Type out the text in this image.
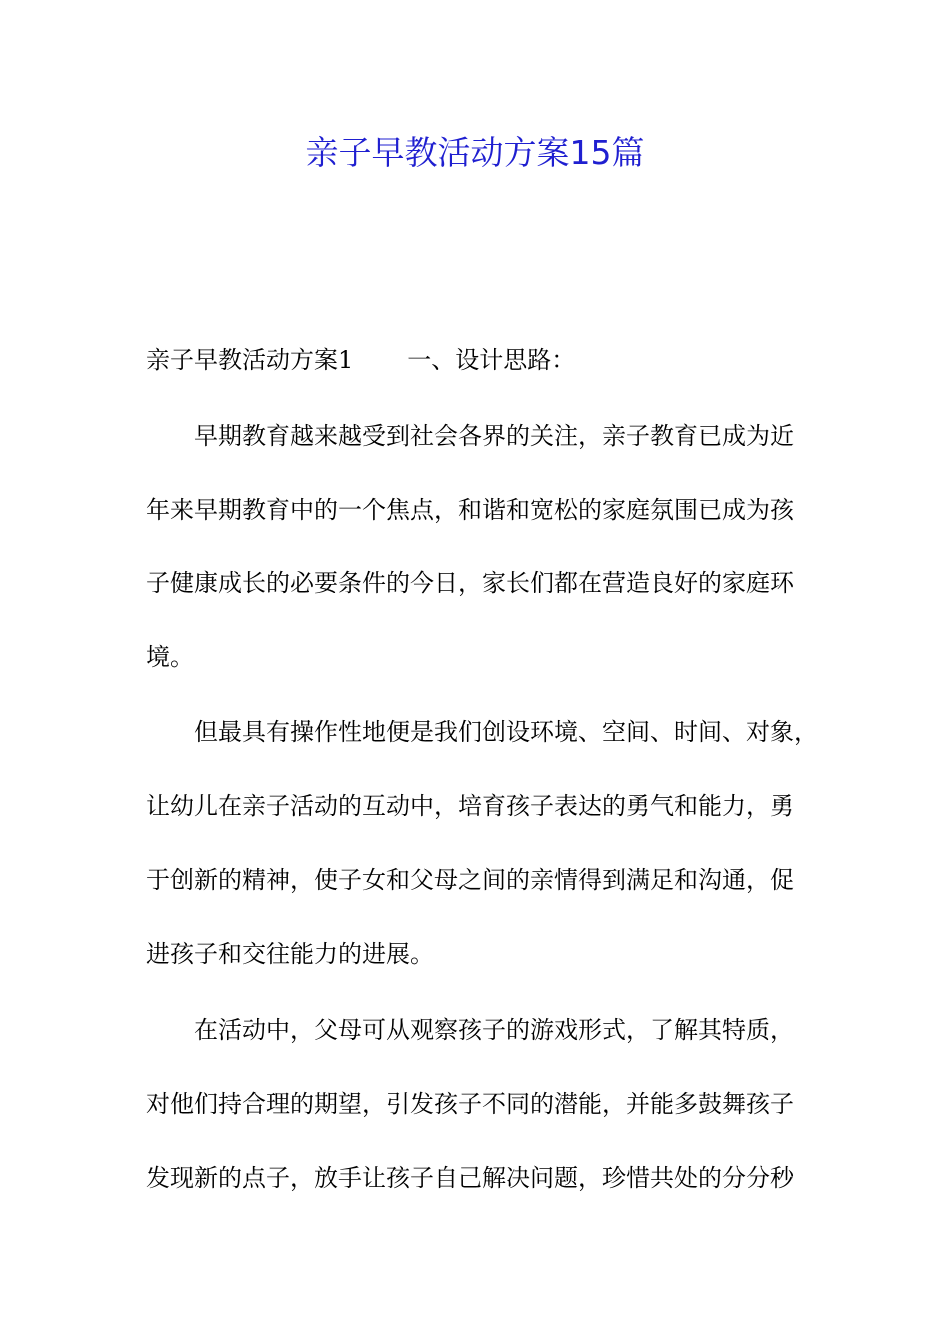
亲子早教活动方案15篇

亲子早教活动方案1 一、设计思路：

早期教育越来越受到社会各界的关注，亲子教育已成为近

年来早期教育中的一个焦点，和谐和宽松的家庭氛围已成为孩

子健康成长的必要条件的今日，家长们都在营造良好的家庭环

境。

但最具有操作性地便是我们创设环境、空间、时间、对象，

让幼儿在亲子活动的互动中，培育孩子表达的勇气和能力，勇

于创新的精神，使子女和父母之间的亲情得到满足和沟通，促

进孩子和交往能力的进展。

在活动中，父母可从观察孩子的游戏形式，了解其特质，

对他们持合理的期望，引发孩子不同的潜能，并能多鼓舞孩子

发现新的点子，放手让孩子自己解决问题，珍惜共处的分分秒
